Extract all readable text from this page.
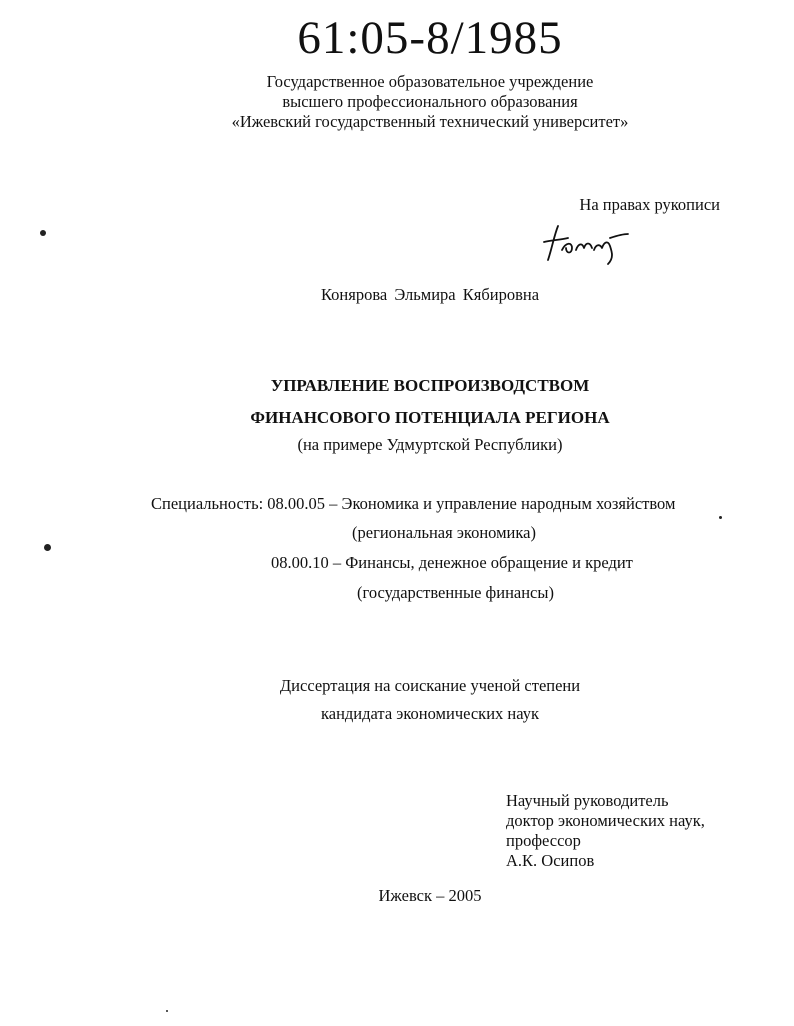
61:05-8/1985
Государственное образовательное учреждение
высшего профессионального образования
«Ижевский государственный технический университет»
На правах рукописи
Конярова Эльмира Кябировна
УПРАВЛЕНИЕ ВОСПРОИЗВОДСТВОМ
ФИНАНСОВОГО ПОТЕНЦИАЛА РЕГИОНА
(на примере Удмуртской Республики)
Специальность: 08.00.05 – Экономика и управление народным хозяйством
(региональная экономика)
08.00.10 – Финансы, денежное обращение и кредит
(государственные финансы)
Диссертация на соискание ученой степени
кандидата экономических наук
Научный руководитель
доктор экономических наук,
профессор
А.К. Осипов
Ижевск – 2005
